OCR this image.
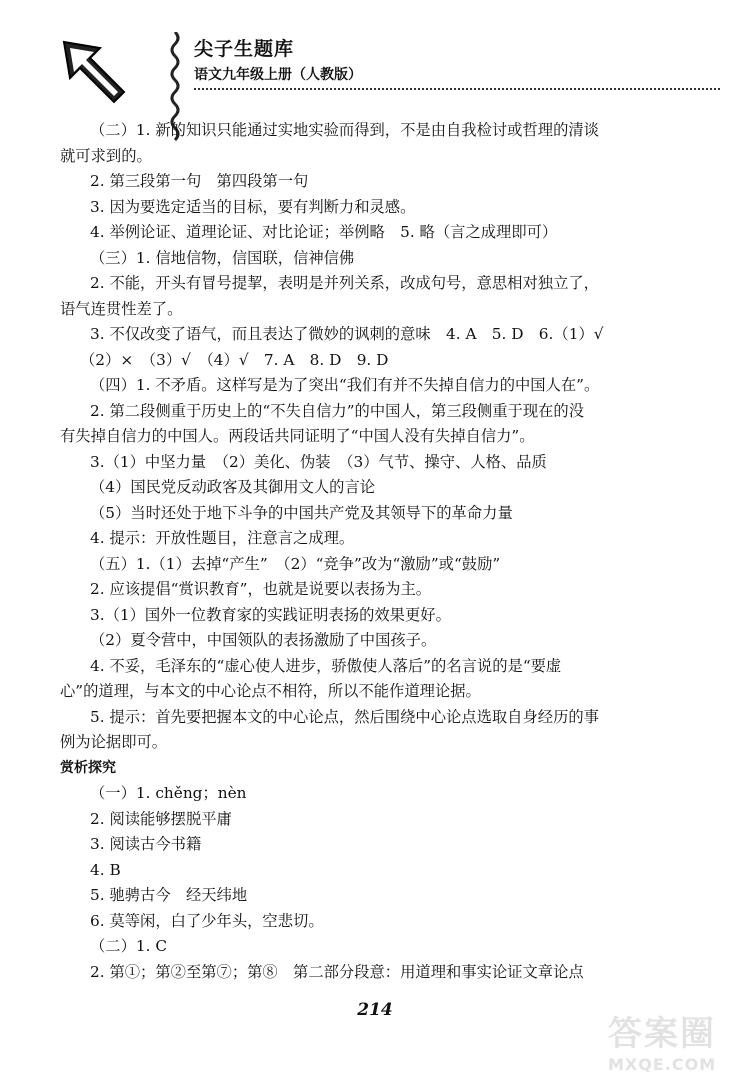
尖子生题库
语文九年级上册（人教版）

（二）1. 新的知识只能通过实地实验而得到，不是由自我检讨或哲理的清谈

就可求到的。

2. 第三段第一句　第四段第一句

3. 因为要选定适当的目标，要有判断力和灵感。

4. 举例论证、道理论证、对比论证；举例略　5. 略（言之成理即可）

（三）1. 信地信物，信国联，信神信佛

2. 不能，开头有冒号提挈，表明是并列关系，改成句号，意思相对独立了，

语气连贯性差了。

3. 不仅改变了语气，而且表达了微妙的讽刺的意味　4. A　5. D　6.（1）√

（2）×　（3）√　（4）√　7. A　8. D　9. D

（四）1. 不矛盾。这样写是为了突出“我们有并不失掉自信力的中国人在”。

2. 第二段侧重于历史上的“不失自信力”的中国人，第三段侧重于现在的没

有失掉自信力的中国人。两段话共同证明了“中国人没有失掉自信力”。

3.（1）中坚力量　（2）美化、伪装　（3）气节、操守、人格、品质

（4）国民党反动政客及其御用文人的言论

（5）当时还处于地下斗争的中国共产党及其领导下的革命力量

4. 提示：开放性题目，注意言之成理。

（五）1.（1）去掉“产生”　（2）“竞争”改为“激励”或“鼓励”

2. 应该提倡“赏识教育”，也就是说要以表扬为主。

3.（1）国外一位教育家的实践证明表扬的效果更好。

（2）夏令营中，中国领队的表扬激励了中国孩子。

4. 不妥，毛泽东的“虚心使人进步，骄傲使人落后”的名言说的是“要虚

心”的道理，与本文的中心论点不相符，所以不能作道理论据。

5. 提示：首先要把握本文的中心论点，然后围绕中心论点选取自身经历的事

例为论据即可。

赏析探究

（一）1. chěng；nèn

2. 阅读能够摆脱平庸

3. 阅读古今书籍

4. B

5. 驰骋古今　经天纬地

6. 莫等闲，白了少年头，空悲切。

（二）1. C

2. 第①；第②至第⑦；第⑧　第二部分段意：用道理和事实论证文章论点

214
答案圈
MXQE.COM
